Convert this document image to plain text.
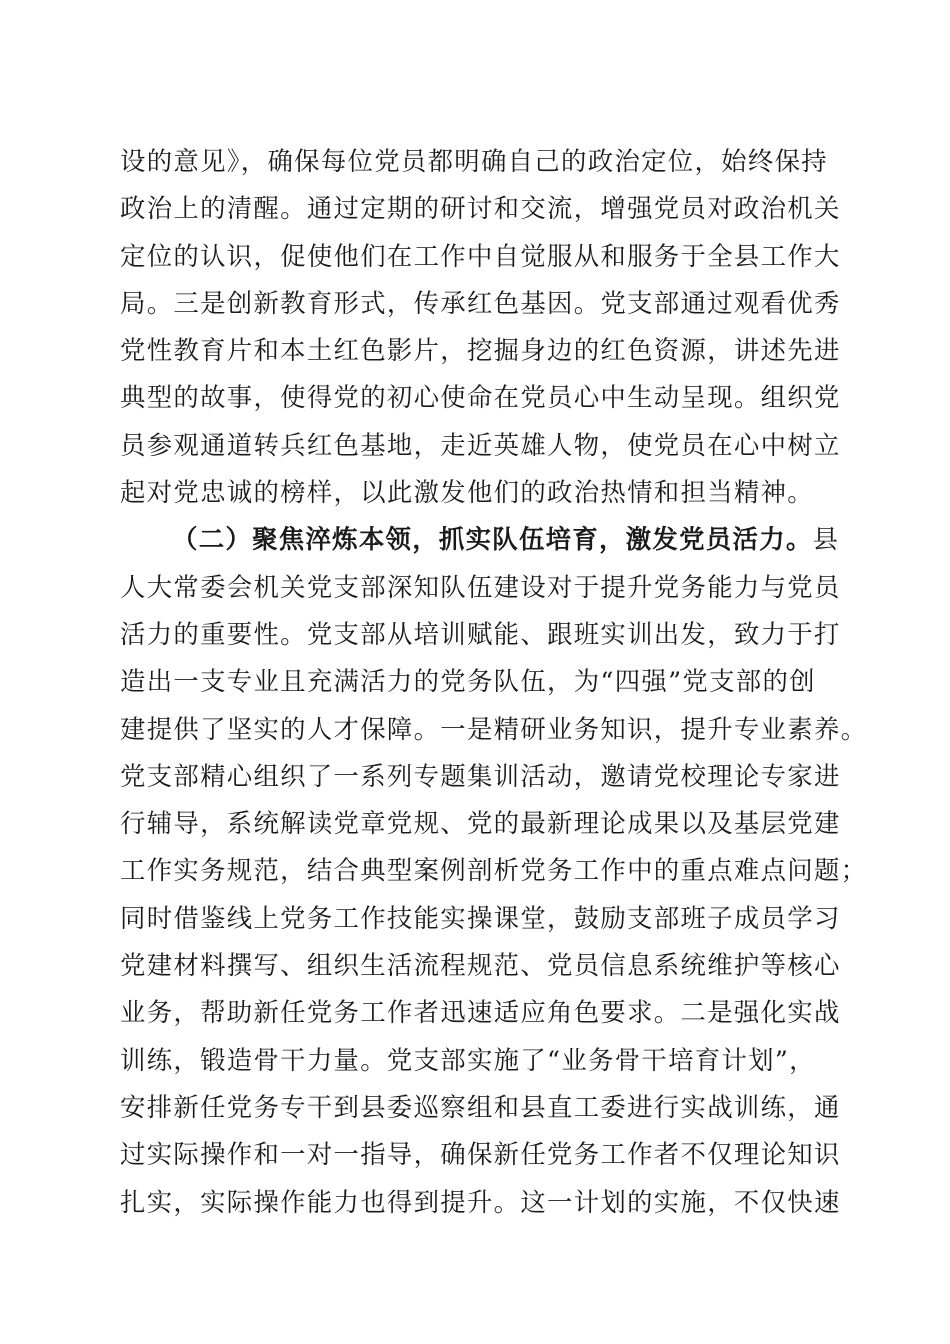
设的意见》，确保每位党员都明确自己的政治定位，始终保持
政治上的清醒。通过定期的研讨和交流，增强党员对政治机关
定位的认识，促使他们在工作中自觉服从和服务于全县工作大
局。三是创新教育形式，传承红色基因。党支部通过观看优秀
党性教育片和本土红色影片，挖掘身边的红色资源，讲述先进
典型的故事，使得党的初心使命在党员心中生动呈现。组织党
员参观通道转兵红色基地，走近英雄人物，使党员在心中树立
起对党忠诚的榜样，以此激发他们的政治热情和担当精神。
（二）聚焦淬炼本领，抓实队伍培育，激发党员活力。县
人大常委会机关党支部深知队伍建设对于提升党务能力与党员
活力的重要性。党支部从培训赋能、跟班实训出发，致力于打
造出一支专业且充满活力的党务队伍，为“四强”党支部的创
建提供了坚实的人才保障。一是精研业务知识，提升专业素养。
党支部精心组织了一系列专题集训活动，邀请党校理论专家进
行辅导，系统解读党章党规、党的最新理论成果以及基层党建
工作实务规范，结合典型案例剖析党务工作中的重点难点问题；
同时借鉴线上党务工作技能实操课堂，鼓励支部班子成员学习
党建材料撰写、组织生活流程规范、党员信息系统维护等核心
业务，帮助新任党务工作者迅速适应角色要求。二是强化实战
训练，锻造骨干力量。党支部实施了“业务骨干培育计划”，
安排新任党务专干到县委巡察组和县直工委进行实战训练，通
过实际操作和一对一指导，确保新任党务工作者不仅理论知识
扎实，实际操作能力也得到提升。这一计划的实施，不仅快速
